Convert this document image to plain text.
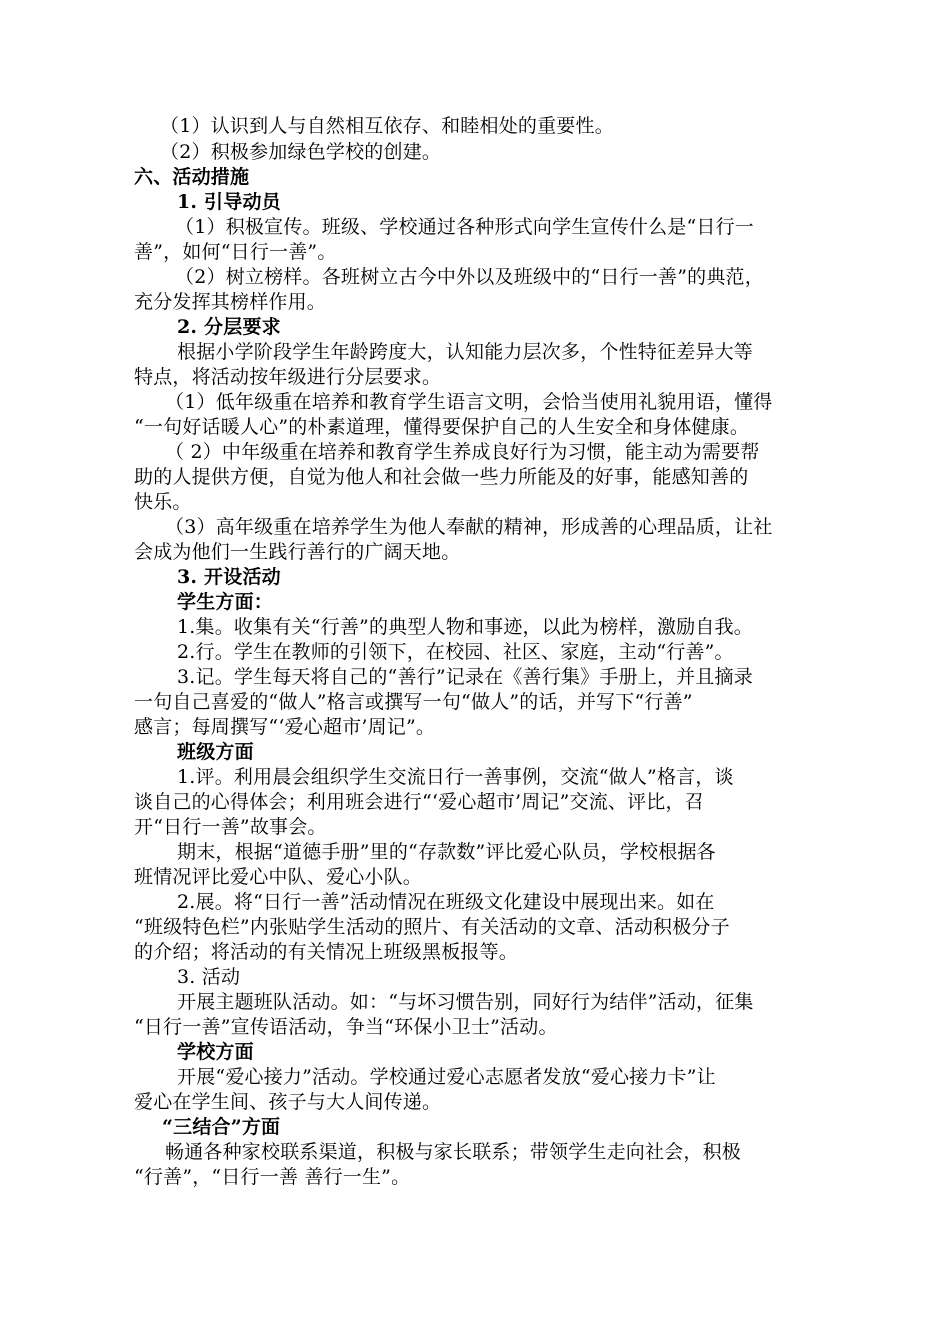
（1）认识到人与自然相互依存、和睦相处的重要性。

（2）积极参加绿色学校的创建。

六、活动措施

1. 引导动员

（1）积极宣传。班级、学校通过各种形式向学生宣传什么是“日行一

善”，如何“日行一善”。

（2）树立榜样。各班树立古今中外以及班级中的“日行一善”的典范，

充分发挥其榜样作用。

2. 分层要求

根据小学阶段学生年龄跨度大，认知能力层次多，个性特征差异大等

特点，将活动按年级进行分层要求。

（1）低年级重在培养和教育学生语言文明，会恰当使用礼貌用语，懂得

“一句好话暖人心”的朴素道理，懂得要保护自己的人生安全和身体健康。

（ 2）中年级重在培养和教育学生养成良好行为习惯，能主动为需要帮

助的人提供方便，自觉为他人和社会做一些力所能及的好事，能感知善的

快乐。

（3）高年级重在培养学生为他人奉献的精神，形成善的心理品质，让社

会成为他们一生践行善行的广阔天地。

3. 开设活动

学生方面：

1.集。收集有关“行善”的典型人物和事迹，以此为榜样，激励自我。

2.行。学生在教师的引领下，在校园、社区、家庭，主动“行善”。

3.记。学生每天将自己的“善行”记录在《善行集》手册上，并且摘录

一句自己喜爱的“做人”格言或撰写一句“做人”的话，并写下“行善”

感言；每周撰写“‘爱心超市’周记”。

班级方面

1.评。利用晨会组织学生交流日行一善事例，交流“做人”格言，谈

谈自己的心得体会；利用班会进行“‘爱心超市’周记”交流、评比，召

开“日行一善”故事会。

期末，根据“道德手册”里的“存款数”评比爱心队员，学校根据各

班情况评比爱心中队、爱心小队。

2.展。将“日行一善”活动情况在班级文化建设中展现出来。如在

“班级特色栏”内张贴学生活动的照片、有关活动的文章、活动积极分子

的介绍；将活动的有关情况上班级黑板报等。

3. 活动

开展主题班队活动。如：“与坏习惯告别，同好行为结伴”活动，征集

“日行一善”宣传语活动，争当“环保小卫士”活动。

学校方面

开展“爱心接力”活动。学校通过爱心志愿者发放“爱心接力卡”让

爱心在学生间、孩子与大人间传递。

“三结合”方面

畅通各种家校联系渠道，积极与家长联系；带领学生走向社会，积极

“行善”，“日行一善 善行一生”。
